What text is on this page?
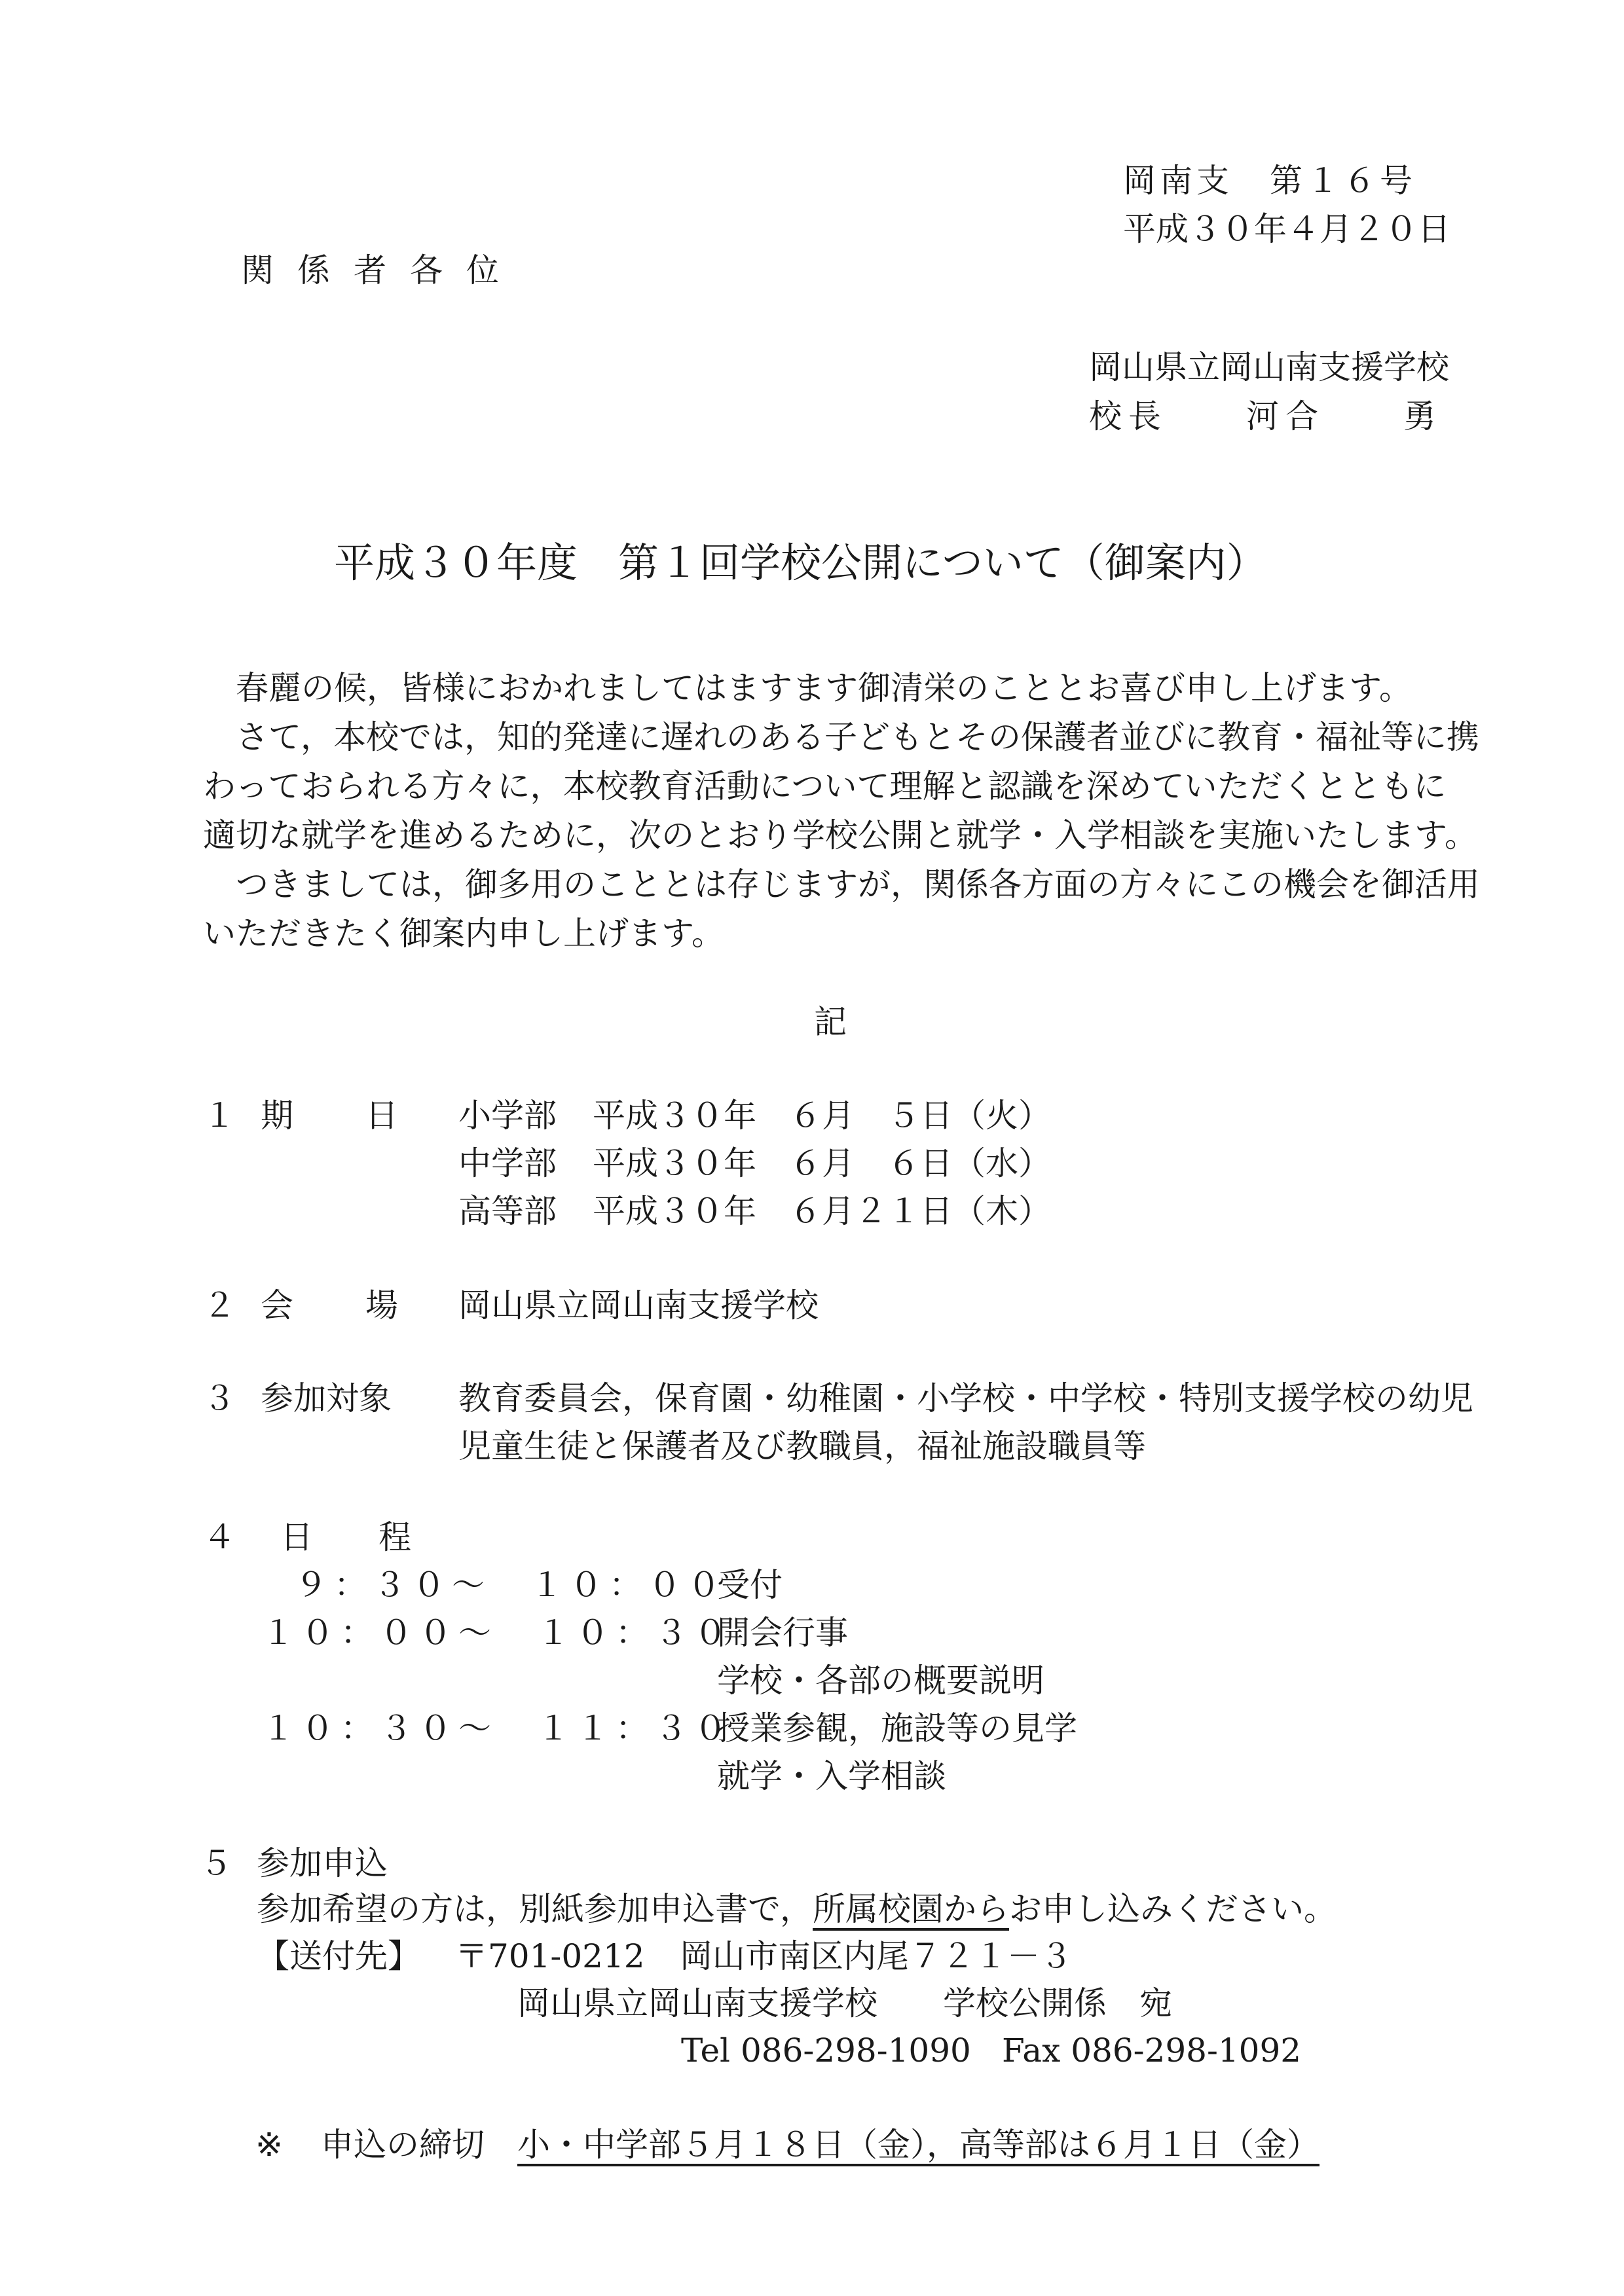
岡南支　第１６号
平成３０年４月２０日
関係者各位
岡山県立岡山南支援学校
校長　　河合　　勇
平成３０年度　第１回学校公開について（御案内）
春麗の候，皆様におかれましてはますます御清栄のこととお喜び申し上げます。
さて，本校では，知的発達に遅れのある子どもとその保護者並びに教育・福祉等に携
わっておられる方々に，本校教育活動について理解と認識を深めていただくとともに
適切な就学を進めるために，次のとおり学校公開と就学・入学相談を実施いたします。
つきましては，御多用のこととは存じますが，関係各方面の方々にこの機会を御活用
いただきたく御案内申し上げます。
記
１ 期日
小学部 平成３０年　６月　５日（火）
中学部 平成３０年　６月　６日（水）
高等部 平成３０年　６月２１日（木）
２ 会場
岡山県立岡山南支援学校
３ 参加対象 教育委員会，保育園・幼稚園・小学校・中学校・特別支援学校の幼児
児童生徒と保護者及び教職員，福祉施設職員等
４ 日程
９：３０～　１０：００
受付
１０：００～　１０：３０
開会行事
学校・各部の概要説明
１０：３０～　１１：３０
授業参観，施設等の見学
就学・入学相談
５ 参加申込
参加希望の方は，別紙参加申込書で，所属校園からお申し込みください。
【送付先】 〒701-0212 岡山市南区内尾７２１－３
岡山県立岡山南支援学校　　学校公開係　宛
Tel 086-298-1090 Fax 086-298-1092
※ 申込の締切 小・中学部５月１８日（金），高等部は６月１日（金）
